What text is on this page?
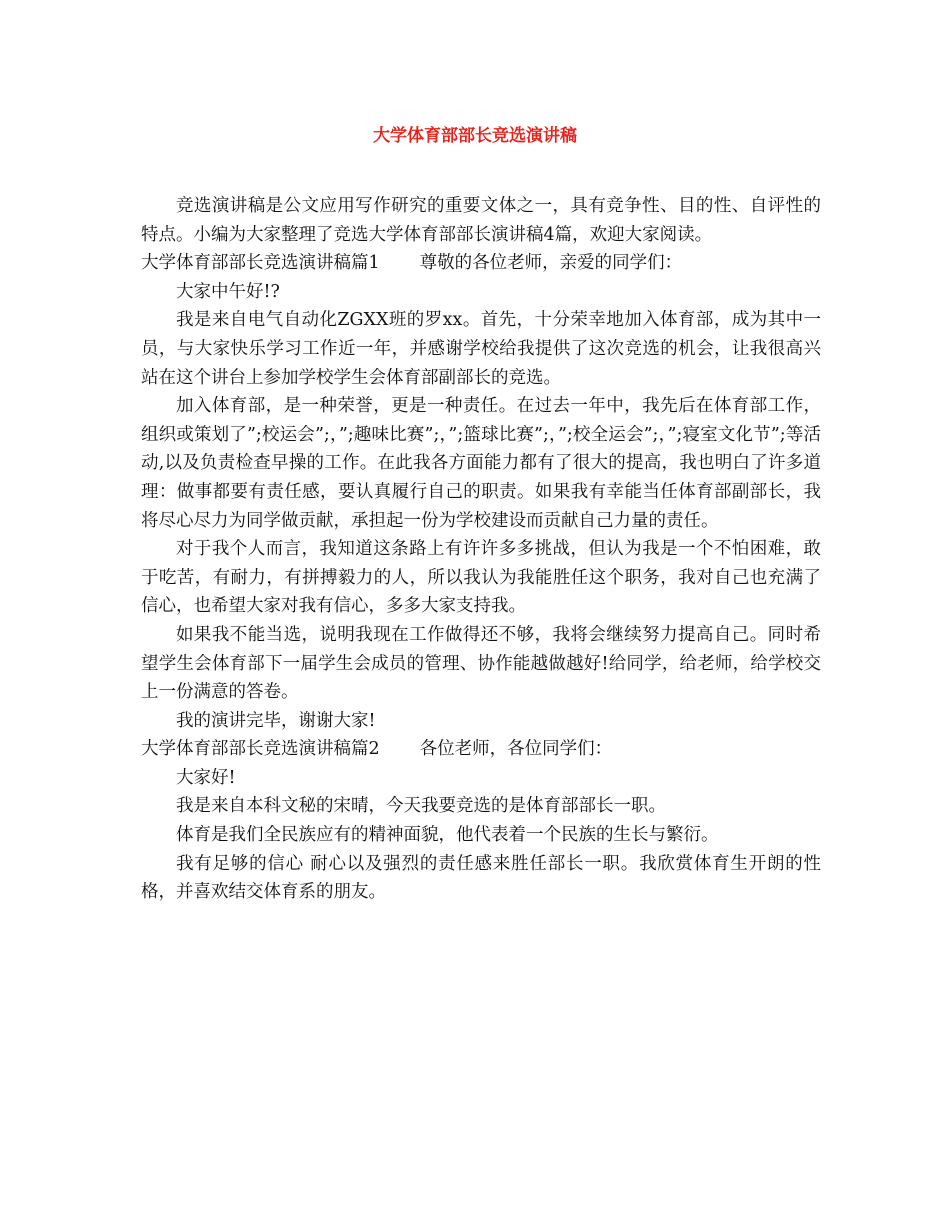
大学体育部部长竞选演讲稿

竞选演讲稿是公文应用写作研究的重要文体之一，具有竞争性、目的性、自评性的特点。小编为大家整理了竞选大学体育部部长演讲稿4篇，欢迎大家阅读。

大学体育部部长竞选演讲稿篇1 尊敬的各位老师，亲爱的同学们：

大家中午好!?

我是来自电气自动化ZGXX班的罗xx。首先，十分荣幸地加入体育部，成为其中一员，与大家快乐学习工作近一年，并感谢学校给我提供了这次竞选的机会，让我很高兴站在这个讲台上参加学校学生会体育部副部长的竞选。

加入体育部，是一种荣誉，更是一种责任。在过去一年中，我先后在体育部工作，组织或策划了”;校运会”;，”;趣味比赛”;，”;篮球比赛”;，”;校全运会”;，”;寝室文化节”;等活动,以及负责检查早操的工作。在此我各方面能力都有了很大的提高，我也明白了许多道理：做事都要有责任感，要认真履行自己的职责。如果我有幸能当任体育部副部长，我将尽心尽力为同学做贡献，承担起一份为学校建设而贡献自己力量的责任。

对于我个人而言，我知道这条路上有许许多多挑战，但认为我是一个不怕困难，敢于吃苦，有耐力，有拼搏毅力的人，所以我认为我能胜任这个职务，我对自己也充满了信心，也希望大家对我有信心，多多大家支持我。

如果我不能当选，说明我现在工作做得还不够，我将会继续努力提高自己。同时希望学生会体育部下一届学生会成员的管理、协作能越做越好!给同学，给老师，给学校交上一份满意的答卷。

我的演讲完毕，谢谢大家!

大学体育部部长竞选演讲稿篇2 各位老师，各位同学们：

大家好!

我是来自本科文秘的宋晴，今天我要竞选的是体育部部长一职。

体育是我们全民族应有的精神面貌，他代表着一个民族的生长与繁衍。

我有足够的信心 耐心以及强烈的责任感来胜任部长一职。我欣赏体育生开朗的性格，并喜欢结交体育系的朋友。
